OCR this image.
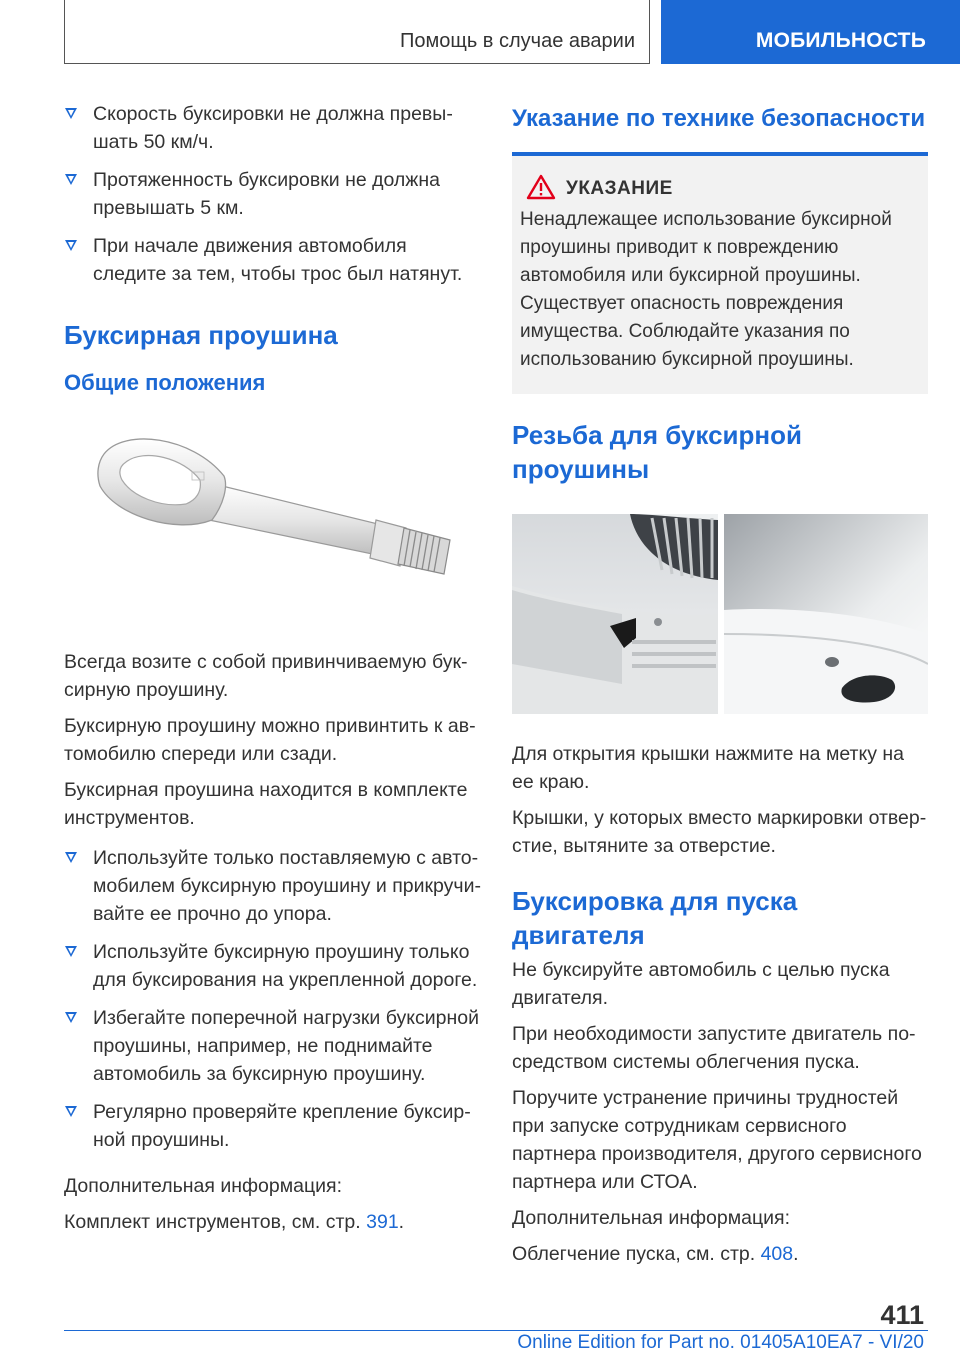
Помощь в случае аварии	МОБИЛЬНОСТЬ
Скорость буксировки не должна превышать 50 км/ч.
Протяженность буксировки не должна превышать 5 км.
При начале движения автомобиля следите за тем, чтобы трос был натянут.
Буксирная проушина
Общие положения

Всегда возите с собой привинчиваемую буксирную проушину.

Буксирную проушину можно привинтить к автомобилю спереди или сзади.

Буксирная проушина находится в комплекте инструментов.

Используйте только поставляемую с автомобилем буксирную проушину и прикручивайте ее прочно до упора.
Используйте буксирную проушину только для буксирования на укрепленной дороге.
Избегайте поперечной нагрузки буксирной проушины, например, не поднимайте автомобиль за буксирную проушину.
Регулярно проверяйте крепление буксирной проушины.

Дополнительная информация:

Комплект инструментов, см. стр. 391.

Указание по технике безопасности
УКАЗАНИЕ

Ненадлежащее использование буксирной проушины приводит к повреждению автомобиля или буксирной проушины. Существует опасность повреждения имущества. Соблюдайте указания по использованию буксирной проушины.

Резьба для буксирной проушины

Для открытия крышки нажмите на метку на ее краю.

Крышки, у которых вместо маркировки отверстие, вытяните за отверстие.

Буксировка для пуска двигателя

Не буксируйте автомобиль с целью пуска двигателя.

При необходимости запустите двигатель посредством системы облегчения пуска.

Поручите устранение причины трудностей при запуске сотрудникам сервисного партнера производителя, другого сервисного партнера или СТОА.

Дополнительная информация:

Облегчение пуска, см. стр. 408.

411
Online Edition for Part no. 01405A10EA7 - VI/20
